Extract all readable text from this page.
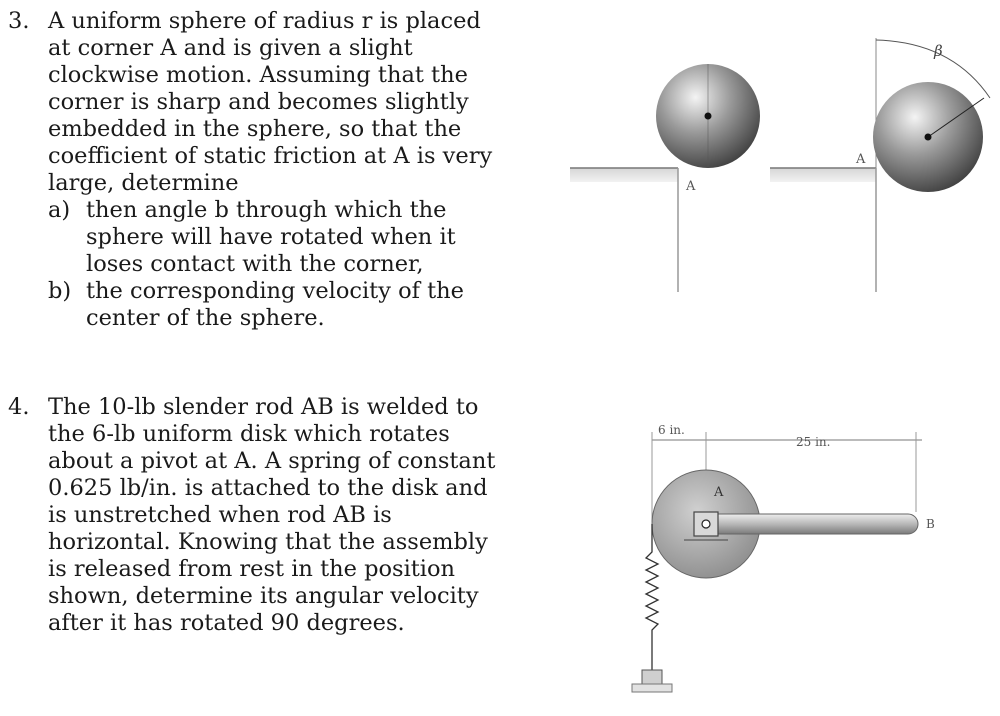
3. A uniform sphere of radius r is placed at corner A and is given a slight clockwise motion. Assuming that the corner is sharp and becomes slightly embedded in the sphere, so that the coefficient of static friction at A is very large, determine
a) then angle b through which the sphere will have rotated when it loses contact with the corner,
b) the corresponding velocity of the center of the sphere.
4. The 10-lb slender rod AB is welded to the 6-lb uniform disk which rotates about a pivot at A. A spring of constant 0.625 lb/in. is attached to the disk and is unstretched when rod AB is horizontal. Knowing that the assembly is released from rest in the position shown, determine its angular velocity after it has rotated 90 degrees.
A
β
A
6 in.
25 in.
A
B
